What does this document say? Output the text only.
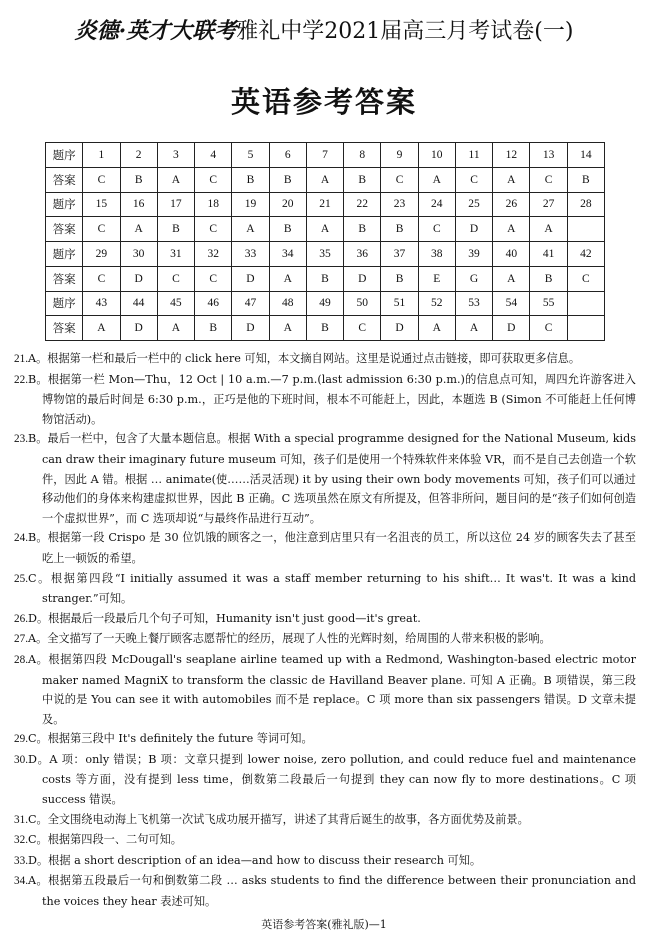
炎德·英才大联考雅礼中学2021届高三月考试卷(一)
英语参考答案
题序	1	2	3	4	5	6	7	8	9	10	11	12	13	14
答案	C	B	A	C	B	B	A	B	C	A	C	A	C	B
题序	15	16	17	18	19	20	21	22	23	24	25	26	27	28
答案	C	A	B	C	A	B	A	B	B	C	D	A	A	
题序	29	30	31	32	33	34	35	36	37	38	39	40	41	42
答案	C	D	C	C	D	A	B	D	B	E	G	A	B	C
题序	43	44	45	46	47	48	49	50	51	52	53	54	55	
答案	A	D	A	B	D	A	B	C	D	A	A	D	C	
21.A。根据第一栏和最后一栏中的 click here 可知，本文摘自网站。这里是说通过点击链接，即可获取更多信息。
22.B。根据第一栏 Mon—Thu，12 Oct | 10 a.m.—7 p.m.(last admission 6:30 p.m.)的信息点可知，周四允许游客进入博物馆的最后时间是 6:30 p.m.，正巧是他的下班时间，根本不可能赶上，因此，本题选 B (Simon 不可能赶上任何博物馆活动)。
23.B。最后一栏中，包含了大量本题信息。根据 With a special programme designed for the National Museum, kids can draw their imaginary future museum 可知，孩子们是使用一个特殊软件来体验 VR，而不是自己去创造一个软件，因此 A 错。根据 … animate(使……活灵活现) it by using their own body movements 可知，孩子们可以通过移动他们的身体来构建虚拟世界，因此 B 正确。C 选项虽然在原文有所提及，但答非所问，题目问的是“孩子们如何创造一个虚拟世界”，而 C 选项却说“与最终作品进行互动”。
24.B。根据第一段 Crispo 是 30 位饥饿的顾客之一，他注意到店里只有一名沮丧的员工，所以这位 24 岁的顾客失去了甚至吃上一顿饭的希望。
25.C。根据第四段“I initially assumed it was a staff member returning to his shift… It was't. It was a kind stranger.”可知。
26.D。根据最后一段最后几个句子可知，Humanity isn't just good—it's great.
27.A。全文描写了一天晚上餐厅顾客志愿帮忙的经历，展现了人性的光辉时刻，给周围的人带来积极的影响。
28.A。根据第四段 McDougall's seaplane airline teamed up with a Redmond, Washington-based electric motor maker named MagniX to transform the classic de Havilland Beaver plane. 可知 A 正确。B 项错误，第三段中说的是 You can see it with automobiles 而不是 replace。C 项 more than six passengers 错误。D 文章未提及。
29.C。根据第三段中 It's definitely the future 等词可知。
30.D。A 项：only 错误；B 项：文章只提到 lower noise, zero pollution, and could reduce fuel and maintenance costs 等方面，没有提到 less time，倒数第二段最后一句提到 they can now fly to more destinations。C 项 success 错误。
31.C。全文围绕电动海上飞机第一次试飞成功展开描写，讲述了其背后诞生的故事，各方面优势及前景。
32.C。根据第四段一、二句可知。
33.D。根据 a short description of an idea—and how to discuss their research 可知。
34.A。根据第五段最后一句和倒数第二段 … asks students to find the difference between their pronunciation and the voices they hear 表述可知。
英语参考答案(雅礼版)—1
